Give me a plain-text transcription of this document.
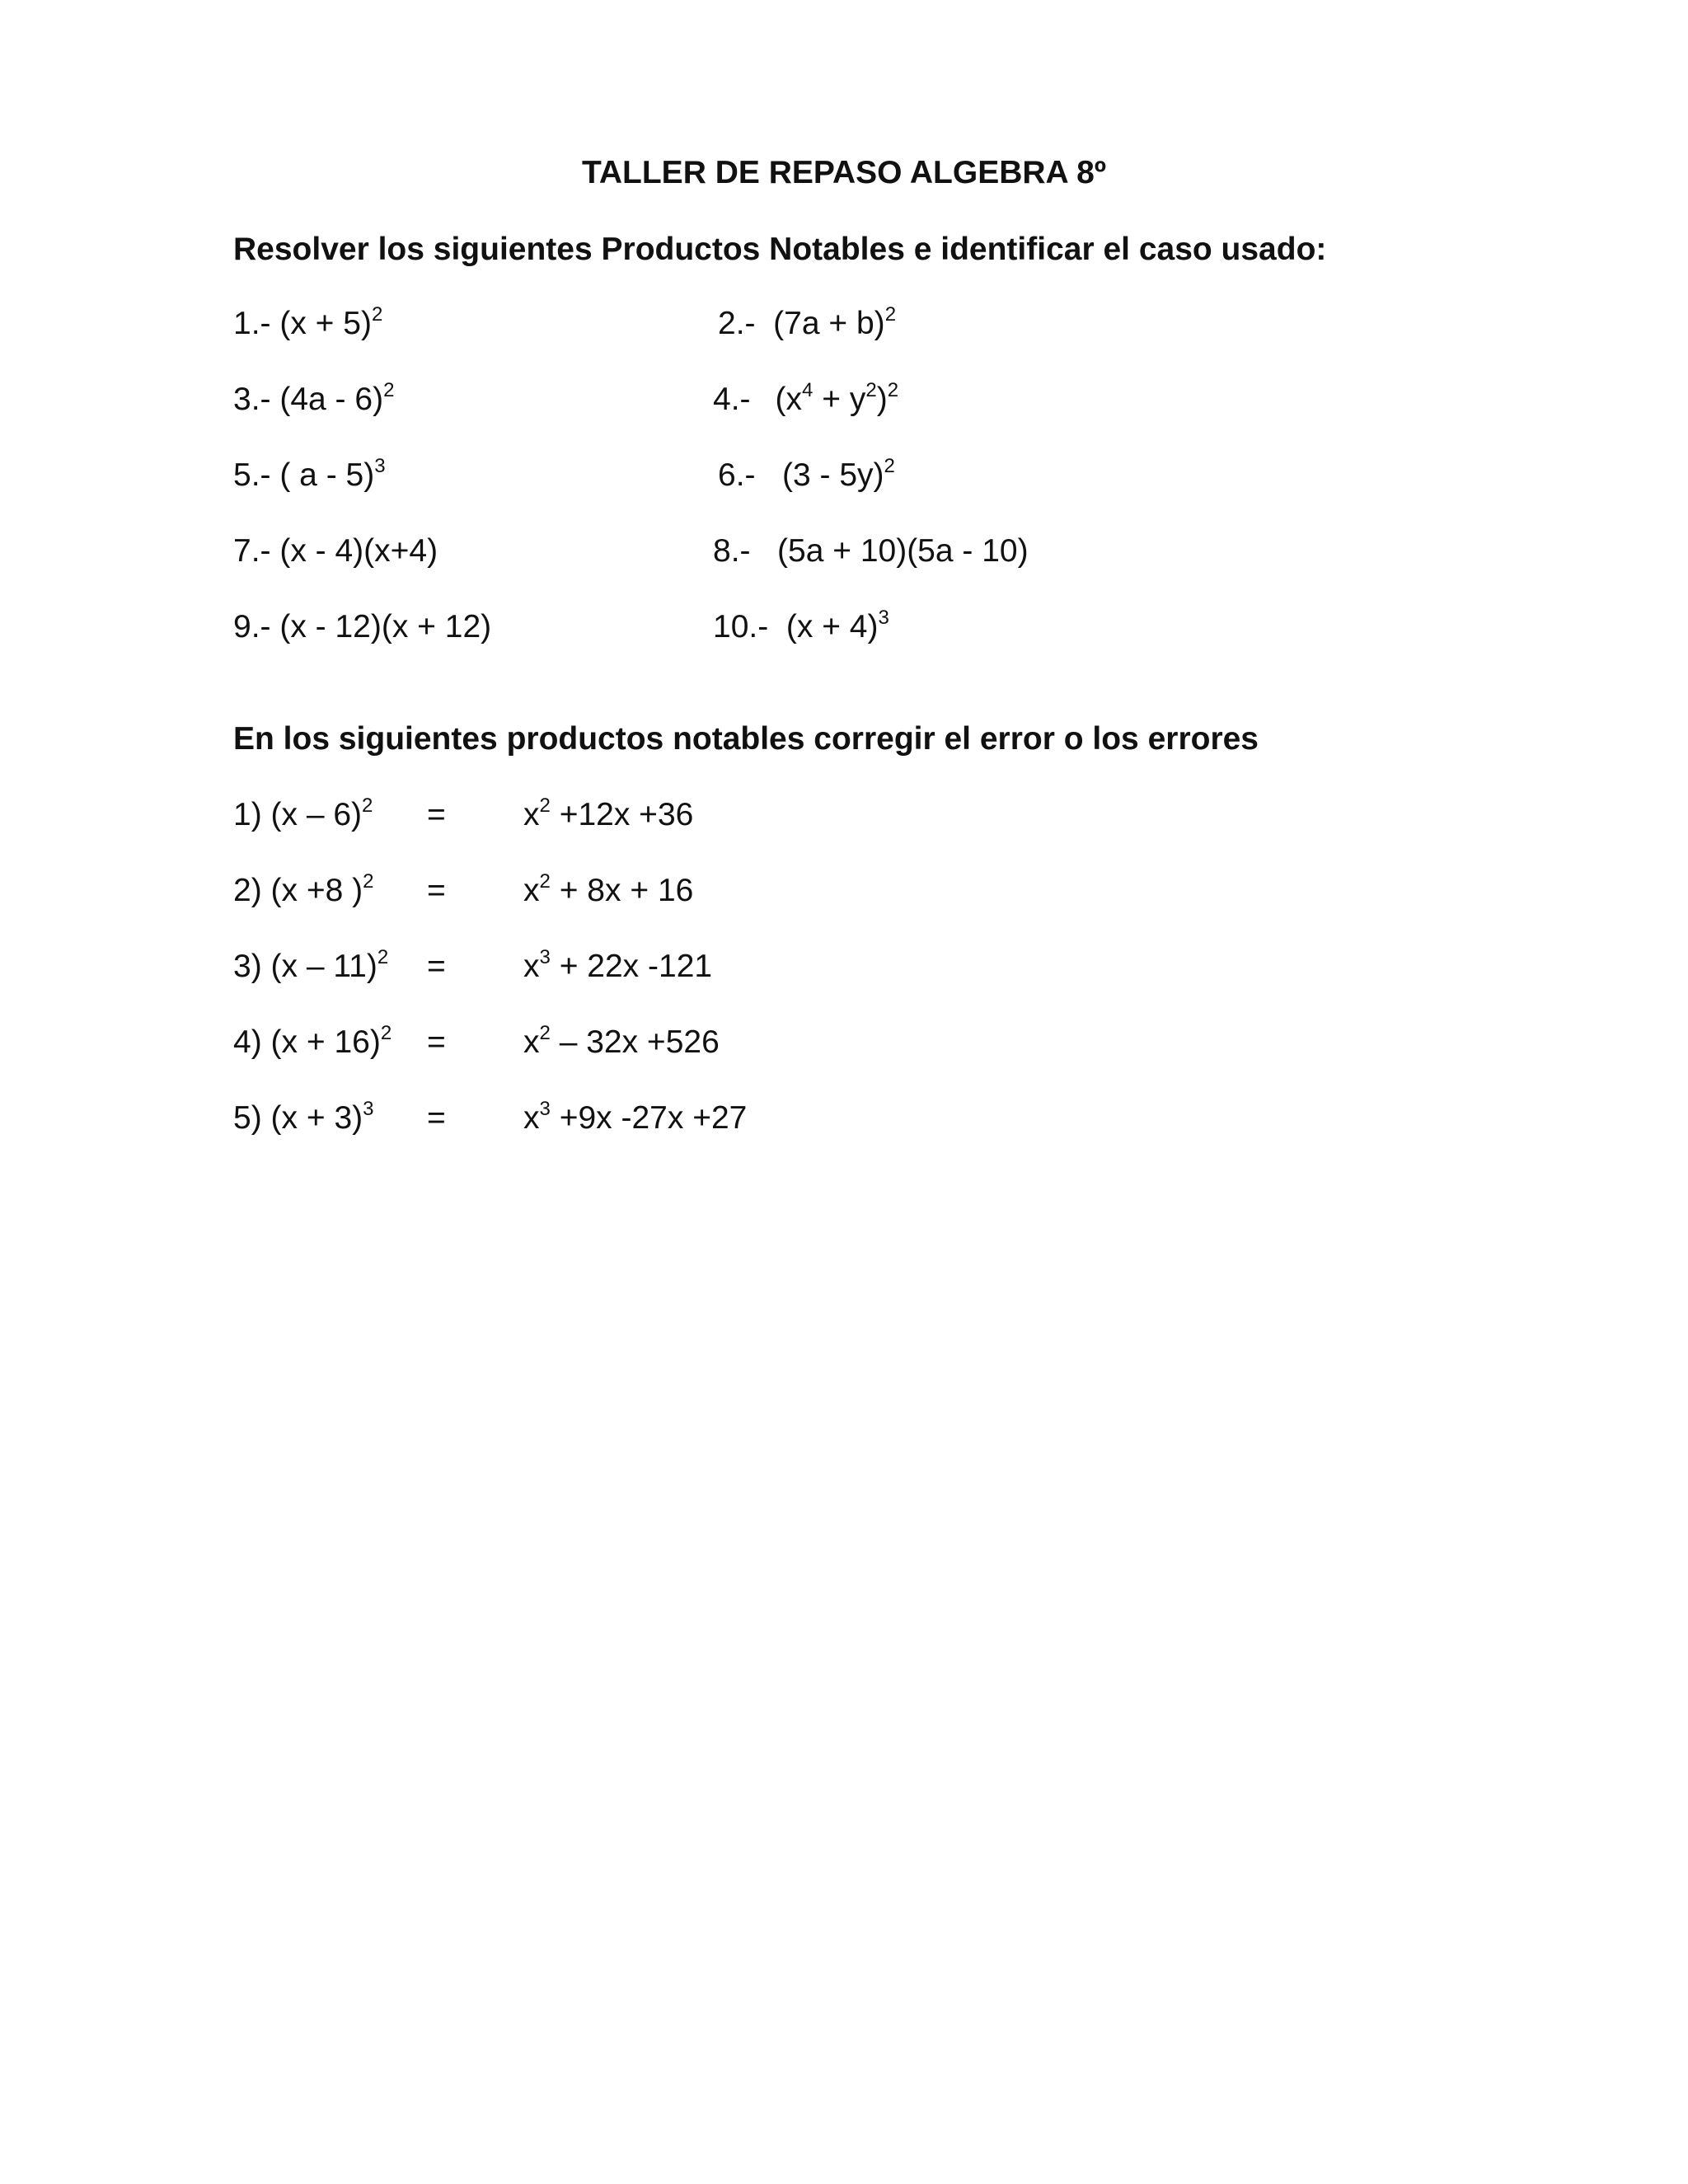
TALLER DE REPASO ALGEBRA 8º
Resolver los siguientes Productos Notables e identificar el caso usado:
1.- $(x + 5)^2$
3.- (4a - 6)$^2$
5.- ( a - 5)$^3$
7.- (x - 4)(x+4)
9.- (x - 12)(x + 12)
2.-  $(7a + b)^2$
4.- $(x^4 + y^2)^2$
6.-   (3 - 5y)$^2$
8.-   (5a + 10)(5a - 10)
10.-  $(x + 4)^3$
En los siguientes productos notables corregir el error o los errores
1) $(x - 6)^2 = x^2 +12x +36$
2) (x +8 )$^2 = x^2 + 8x + 16$
3) $(x - 11)^2 = x^3 + 22x$ -121
4) $(x + 16)^2 = x^2 - 32x +526$
5) $(x + 3)^3 = x^3 +9x$ -27x +27
